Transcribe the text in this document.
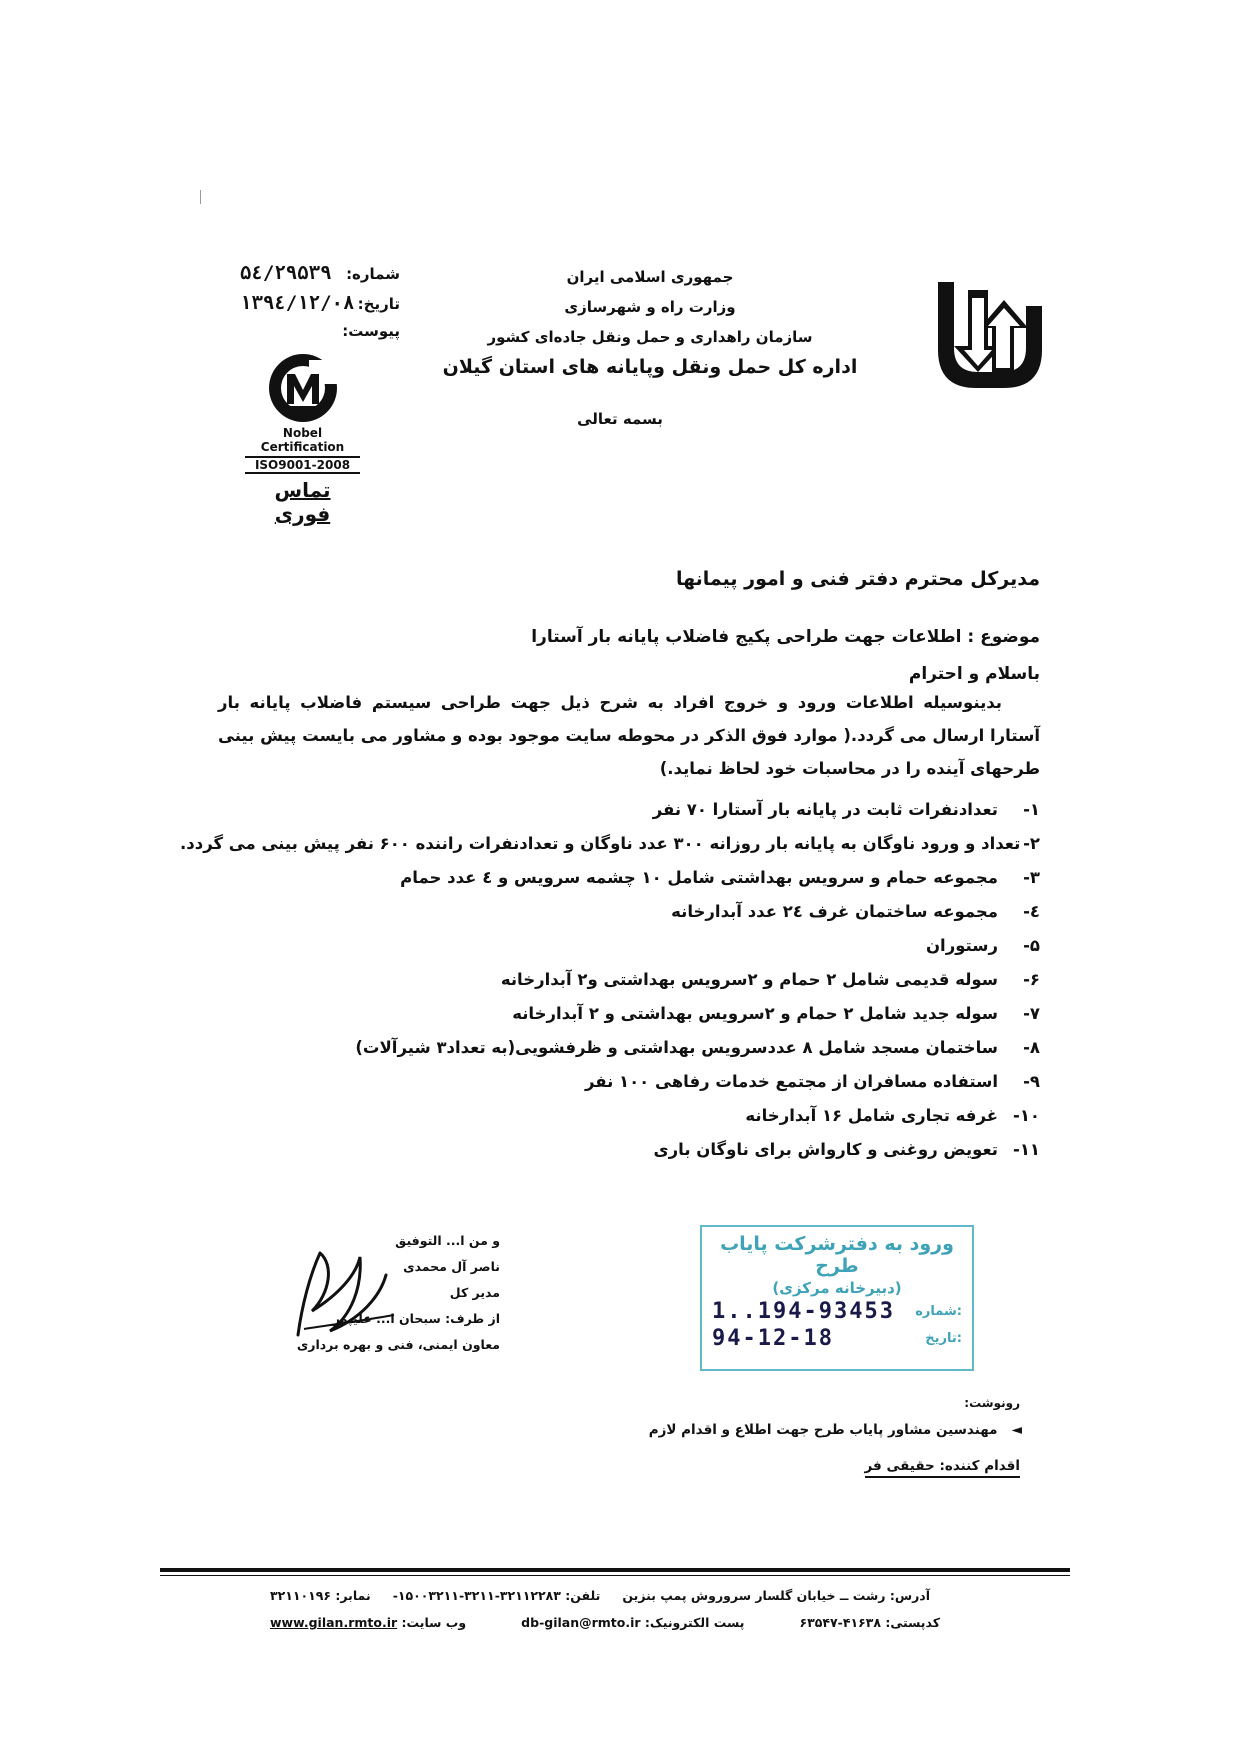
جمهوری اسلامی ایران
وزارت راه و شهرسازی
سازمان راهداری و حمل ونقل جاده‌ای کشور
اداره کل حمل ونقل وپایانه های استان گیلان
بسمه تعالی
شماره:
۵٤/۲۹۵۳۹
تاریخ:
۱۳۹٤/۱۲/۰۸
پیوست:
Nobel
Certification
ISO9001-2008
تماس فوری
مدیرکل محترم دفتر فنی و امور پیمانها
موضوع : اطلاعات جهت طراحی پکیج فاضلاب پایانه بار آستارا
باسلام و احترام
بدینوسیله اطلاعات ورود و خروج افراد به شرح ذیل جهت طراحی سیستم فاضلاب پایانه بار آستارا ارسال می گردد.( موارد فوق الذکر در محوطه سایت موجود بوده و مشاور می بایست پیش بینی طرحهای آینده را در محاسبات خود لحاظ نماید.)
۱-
تعدادنفرات ثابت در پایانه بار آستارا ۷۰ نفر
۲-
تعداد و ورود ناوگان به پایانه بار روزانه ۳۰۰ عدد ناوگان و تعدادنفرات راننده ۶۰۰ نفر پیش بینی می گردد.
۳-
مجموعه حمام و سرویس بهداشتی شامل ۱۰ چشمه سرویس و ٤ عدد حمام
٤-
مجموعه ساختمان غرف ۲٤ عدد آبدارخانه
۵-
رستوران
۶-
سوله قدیمی شامل ۲ حمام و ۲سرویس بهداشتی و۲ آبدارخانه
۷-
سوله جدید شامل ۲ حمام و ۲سرویس بهداشتی و ۲ آبدارخانه
۸-
ساختمان مسجد شامل ۸ عددسرویس بهداشتی و ظرفشویی(به تعداد۳ شیرآلات)
۹-
استفاده مسافران از مجتمع خدمات رفاهی ۱۰۰ نفر
۱۰-
غرفه تجاری شامل ۱۶ آبدارخانه
۱۱-
تعویض روغنی و کارواش برای ناوگان باری
و من ا... التوفیق
ناصر آل محمدی
مدیر کل
از طرف: سبحان ا... علیپور
معاون ایمنی، فنی و بهره برداری
ورود به دفترشرکت پایاب طرح
(دبیرخانه مرکزی)
1..194-93453 شماره:
94-12-18	تاریخ:
رونوشت:
◄   مهندسین مشاور پایاب طرح جهت اطلاع و اقدام لازم
اقدام کننده: حقیقی فر
آدرس: رشت ــ خیابان گلسار سروروش پمپ بنزین
تلفن: ۳۲۱۱۲۲۸۳-۳۲۱۱-۱۵۰۰۳۲۱۱-
نمابر: ۳۲۱۱۰۱۹۶
کدپستی: ۴۱۶۳۸-۶۳۵۴۷
پست الکترونیک: db-gilan@rmto.ir
وب سایت: www.gilan.rmto.ir
